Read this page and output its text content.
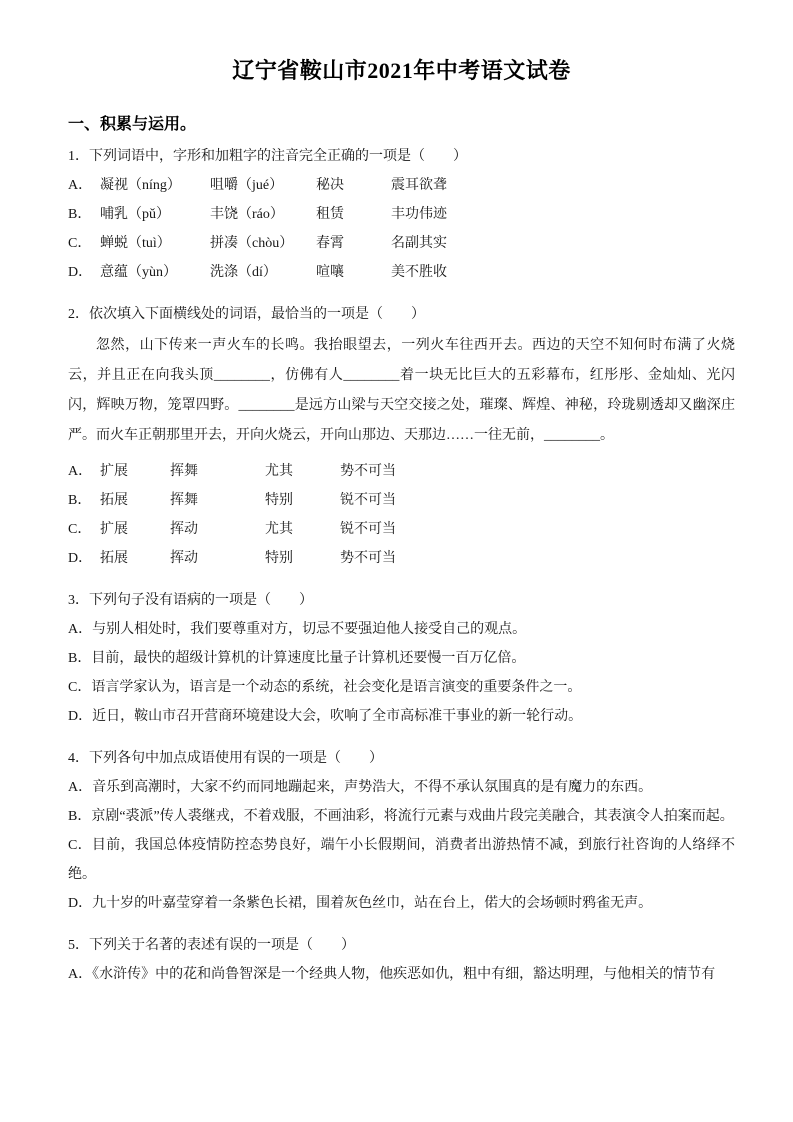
辽宁省鞍山市2021年中考语文试卷
一、积累与运用。

1．下列词语中，字形和加粗字的注音完全正确的一项是（　　）

A． 凝视（níng）	咀嚼（jué）	秘决	震耳欲聋
B． 哺乳（pǔ）	丰饶（ráo）	租赁	丰功伟迹
C． 蝉蜕（tuì）	拼凑（chòu）	春霄	名副其实
D． 意蕴（yùn）	洗涤（dí）	喧嚷	美不胜收

2．依次填入下面横线处的词语，最恰当的一项是（　　）

忽然，山下传来一声火车的长鸣。我抬眼望去，一列火车往西开去。西边的天空不知何时布满了火烧云，并且正在向我头顶________，仿佛有人________着一块无比巨大的五彩幕布，红彤彤、金灿灿、光闪闪，辉映万物，笼罩四野。________是远方山梁与天空交接之处，璀璨、辉煌、神秘，玲珑剔透却又幽深庄严。而火车正朝那里开去，开向火烧云，开向山那边、天那边……一往无前，________。

A． 扩展	挥舞	尤其	势不可当
B． 拓展	挥舞	特别	锐不可当
C． 扩展	挥动	尤其	锐不可当
D． 拓展	挥动	特别	势不可当

3．下列句子没有语病的一项是（　　）

A．与别人相处时，我们要尊重对方，切忌不要强迫他人接受自己的观点。

B．目前，最快的超级计算机的计算速度比量子计算机还要慢一百万亿倍。

C．语言学家认为，语言是一个动态的系统，社会变化是语言演变的重要条件之一。

D．近日，鞍山市召开营商环境建设大会，吹响了全市高标准干事业的新一轮行动。

4．下列各句中加点成语使用有误的一项是（　　）

A．音乐到高潮时，大家不约而同地蹦起来，声势浩大，不得不承认氛围真的是有魔力的东西。

B．京剧“裘派”传人裘继戎，不着戏服，不画油彩，将流行元素与戏曲片段完美融合，其表演令人拍案而起。

C．目前，我国总体疫情防控态势良好，端午小长假期间，消费者出游热情不减，到旅行社咨询的人络绎不绝。

D．九十岁的叶嘉莹穿着一条紫色长裙，围着灰色丝巾，站在台上，偌大的会场顿时鸦雀无声。

5．下列关于名著的表述有误的一项是（　　）

A．《水浒传》中的花和尚鲁智深是一个经典人物，他疾恶如仇，粗中有细，豁达明理，与他相关的情节有
